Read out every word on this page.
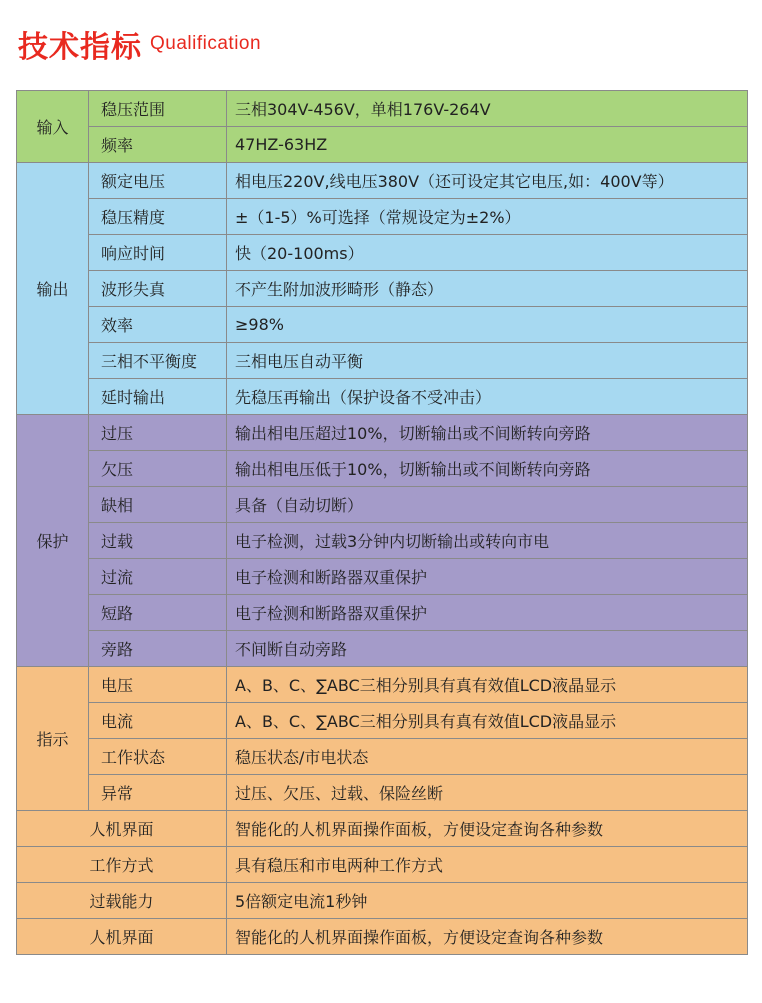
技术指标 Qualification
输入	稳压范围	三相304V-456V，单相176V-264V
	频率	47HZ-63HZ
输出	额定电压	相电压220V,线电压380V（还可设定其它电压,如：400V等）
	稳压精度	±（1-5）%可选择（常规设定为±2%）
	响应时间	快（20-100ms）
	波形失真	不产生附加波形畸形（静态）
	效率	≥98%
	三相不平衡度	三相电压自动平衡
	延时输出	先稳压再输出（保护设备不受冲击）
保护	过压	输出相电压超过10%，切断输出或不间断转向旁路
	欠压	输出相电压低于10%，切断输出或不间断转向旁路
	缺相	具备（自动切断）
	过载	电子检测，过载3分钟内切断输出或转向市电
	过流	电子检测和断路器双重保护
	短路	电子检测和断路器双重保护
	旁路	不间断自动旁路
指示	电压	A、B、C、∑ABC三相分别具有真有效值LCD液晶显示
	电流	A、B、C、∑ABC三相分别具有真有效值LCD液晶显示
	工作状态	稳压状态/市电状态
	异常	过压、欠压、过载、保险丝断
人机界面		智能化的人机界面操作面板，方便设定查询各种参数
工作方式		具有稳压和市电两种工作方式
过载能力		5倍额定电流1秒钟
人机界面		智能化的人机界面操作面板，方便设定查询各种参数
